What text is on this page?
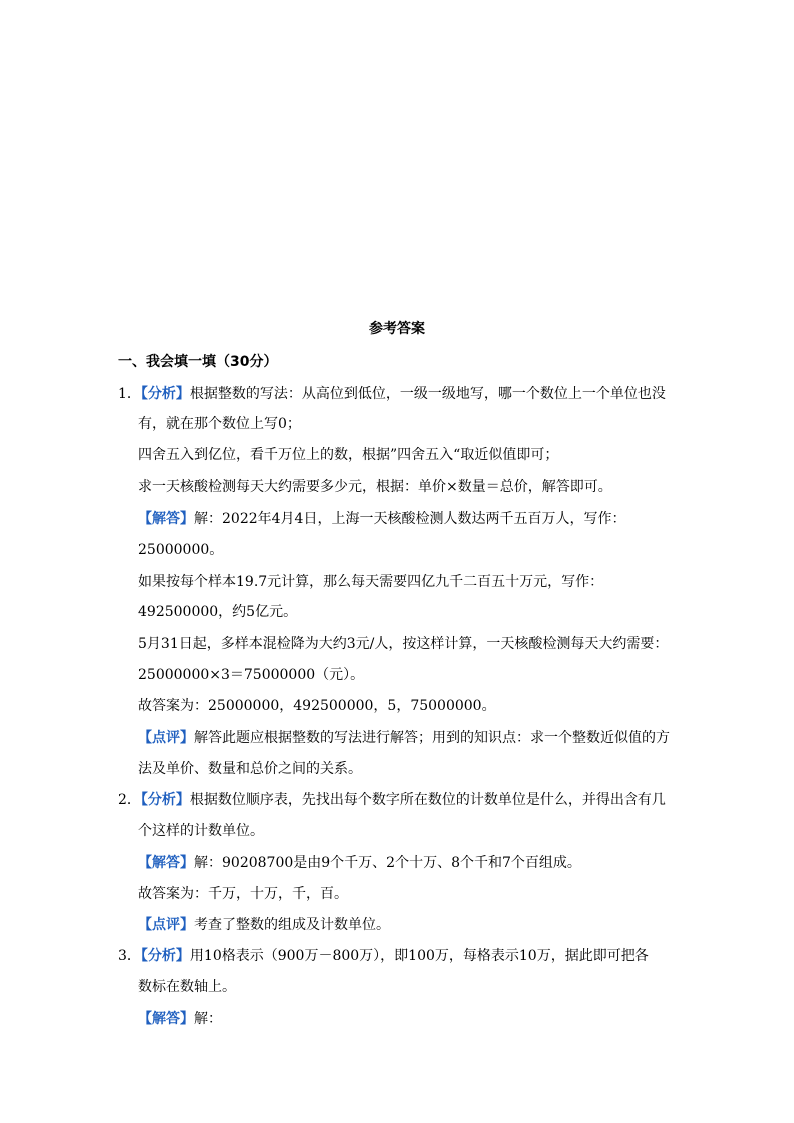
参考答案
一、我会填一填（30分）
1．【分析】根据整数的写法：从高位到低位，一级一级地写，哪一个数位上一个单位也没
有，就在那个数位上写0；
四舍五入到亿位，看千万位上的数，根据”四舍五入“取近似值即可；
求一天核酸检测每天大约需要多少元，根据：单价×数量＝总价，解答即可。
【解答】解：2022年4月4日，上海一天核酸检测人数达两千五百万人，写作：
25000000。
如果按每个样本19.7元计算，那么每天需要四亿九千二百五十万元，写作：
492500000，约5亿元。
5月31日起，多样本混检降为大约3元/人，按这样计算，一天核酸检测每天大约需要：
25000000×3＝75000000（元）。
故答案为：25000000，492500000，5，75000000。
【点评】解答此题应根据整数的写法进行解答；用到的知识点：求一个整数近似值的方
法及单价、数量和总价之间的关系。
2．【分析】根据数位顺序表，先找出每个数字所在数位的计数单位是什么，并得出含有几
个这样的计数单位。
【解答】解：90208700是由9个千万、2个十万、8个千和7个百组成。
故答案为：千万，十万，千，百。
【点评】考查了整数的组成及计数单位。
3．【分析】用10格表示（900万－800万），即100万，每格表示10万，据此即可把各
数标在数轴上。
【解答】解：
